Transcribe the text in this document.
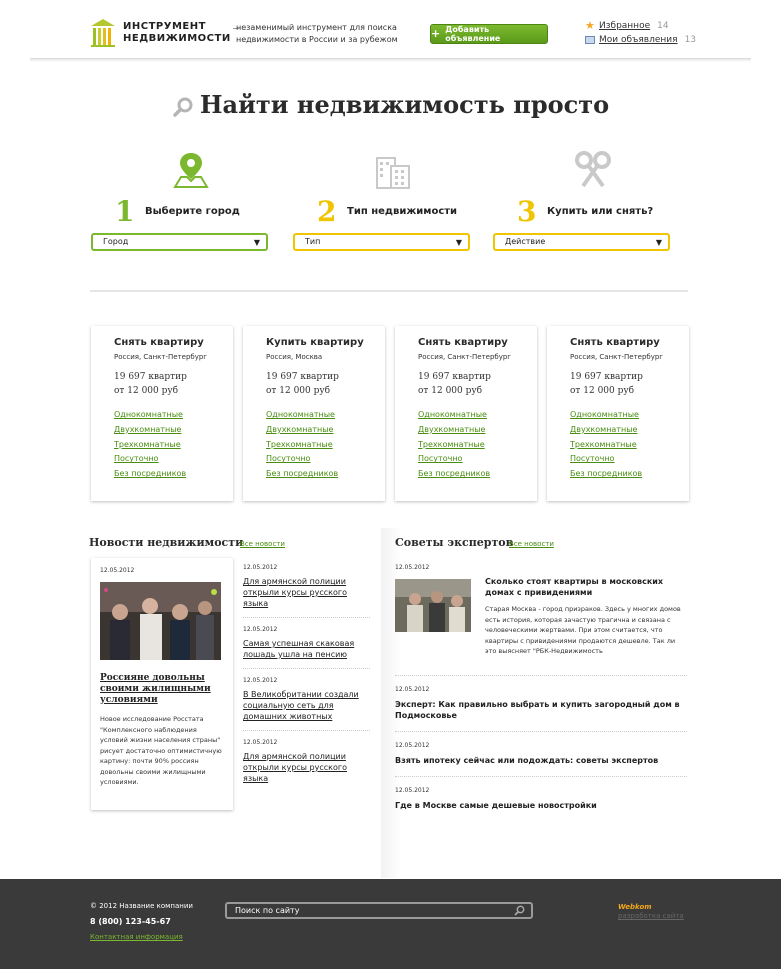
ИНСТРУМЕНТ
НЕДВИЖИМОСТИ
незаменимый инструмент для поиска недвижимости в России и за рубежом	+ Добавить объявление
★ Избранное 14
Мои объявления 13
Найти недвижимость просто
1 Выберите город
Город	▼
2 Тип недвижимости
Тип	▼
3 Купить или снять?
Действие	▼
Снять квартиру
Россия, Санкт-Петербург
19 697 квартир
от 12 000 руб
Однокомнатные
Двухкомнатные
Трехкомнатные
Посуточно
Без посредников
Купить квартиру
Россия, Москва
19 697 квартир
от 12 000 руб
Однокомнатные
Двухкомнатные
Трехкомнатные
Посуточно
Без посредников
Снять квартиру
Россия, Санкт-Петербург
19 697 квартир
от 12 000 руб
Однокомнатные
Двухкомнатные
Трехкомнатные
Посуточно
Без посредников
Снять квартиру
Россия, Санкт-Петербург
19 697 квартир
от 12 000 руб
Однокомнатные
Двухкомнатные
Трехкомнатные
Посуточно
Без посредников
Новости недвижимости
Все новости
12.05.2012
Россияне довольны своими жилищными условиями
Новое исследование Росстата "Комплексного наблюдения условий жизни населения страны" рисует достаточно оптимистичную картину: почти 90% россиян довольны своими жилищными условиями.
12.05.2012
Для армянской полиции открыли курсы русского языка
12.05.2012
Самая успешная скаковая лошадь ушла на пенсию
12.05.2012
В Великобритании создали социальную сеть для домашних животных
12.05.2012
Для армянской полиции открыли курсы русского языка
Советы экспертов
Все новости
12.05.2012
Сколько стоят квартиры в московских домах с привидениями
Старая Москва - город призраков. Здесь у многих домов есть история, которая зачастую трагична и связана с человеческими жертвами. При этом считается, что квартиры с привидениями продаются дешевле. Так ли это выясняет "РБК-Недвижимость
12.05.2012
Эксперт: Как правильно выбрать и купить загородный дом в Подмосковье
12.05.2012
Взять ипотеку сейчас или подождать: советы экспертов
12.05.2012
Где в Москве самые дешевые новостройки
© 2012 Название компании
8 (800) 123-45-67
Контактная информация
Поиск по сайту	Webkom
разработка сайта
